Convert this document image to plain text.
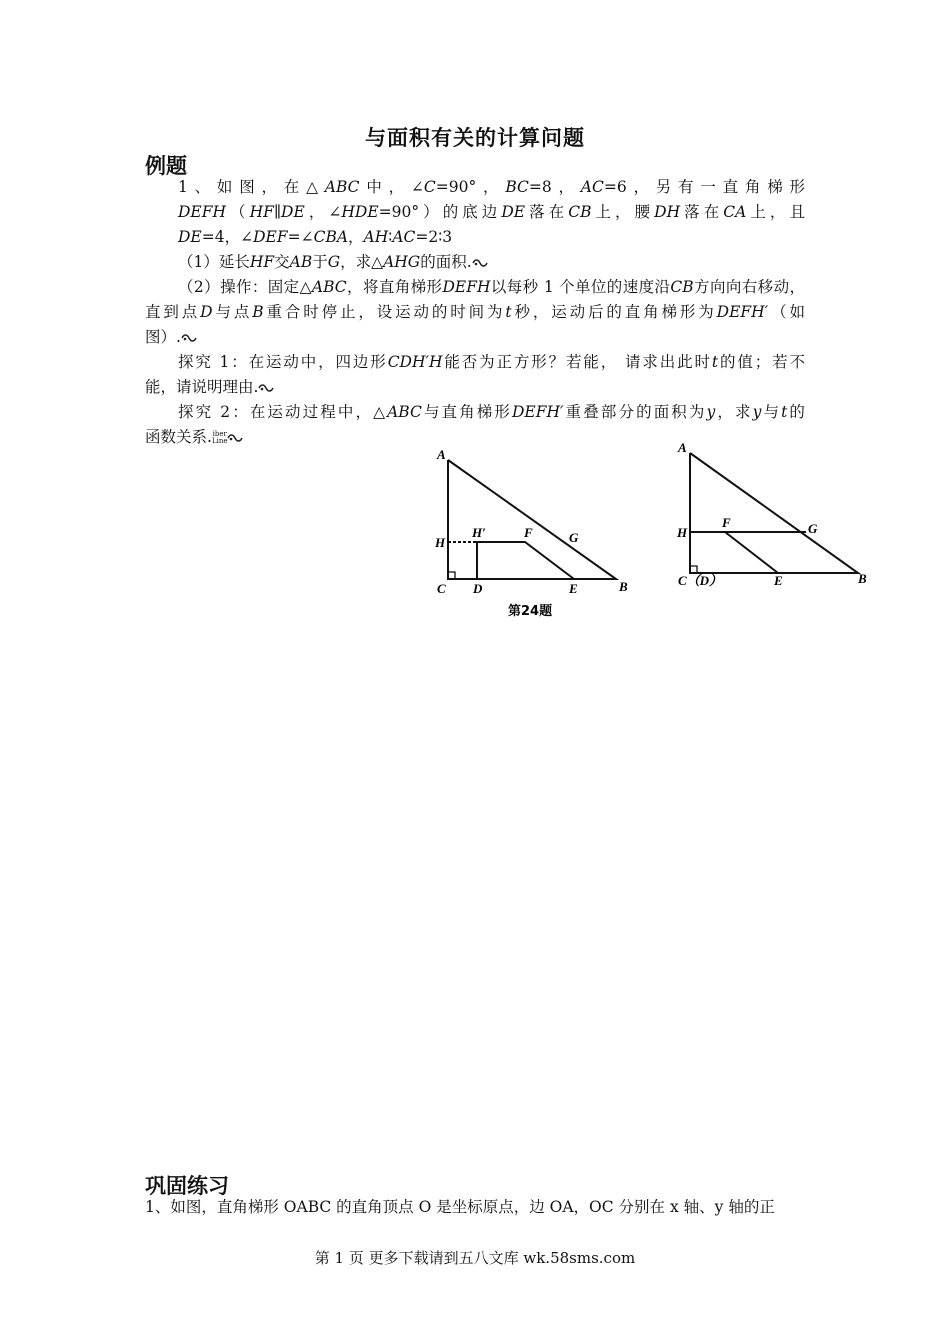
与面积有关的计算问题
例题
1、如图，在△ABC中，∠C=90°，BC=8，AC=6，另有一直角梯形
DEFH（HF∥DE，∠HDE=90°）的底边DE落在CB上，腰DH落在CA上，且
DE=4，∠DEF=∠CBA，AH∶AC=2∶3
（1）延长HF交AB于G，求△AHG的面积.
（2）操作：固定△ABC，将直角梯形DEFH以每秒 1 个单位的速度沿CB方向向右移动，
直到点D与点B重合时停止，设运动的时间为t秒，运动后的直角梯形为DEFH′（如
图）.
探究 1：在运动中，四边形CDH′H能否为正方形？若能， 请求出此时t的值；若不
能，请说明理由.
探究 2：在运动过程中，△ABC与直角梯形DEFH′重叠部分的面积为y，求y与t的
函数关系.iber
Line
A
H
H′	F	G
C D	E	B
第24题
A
H
F	G
C（D）	E	B
巩固练习
1、如图，直角梯形 OABC 的直角顶点 O 是坐标原点，边 OA，OC 分别在 x 轴、y 轴的正
第 1 页 更多下载请到五八文库 wk.58sms.com
